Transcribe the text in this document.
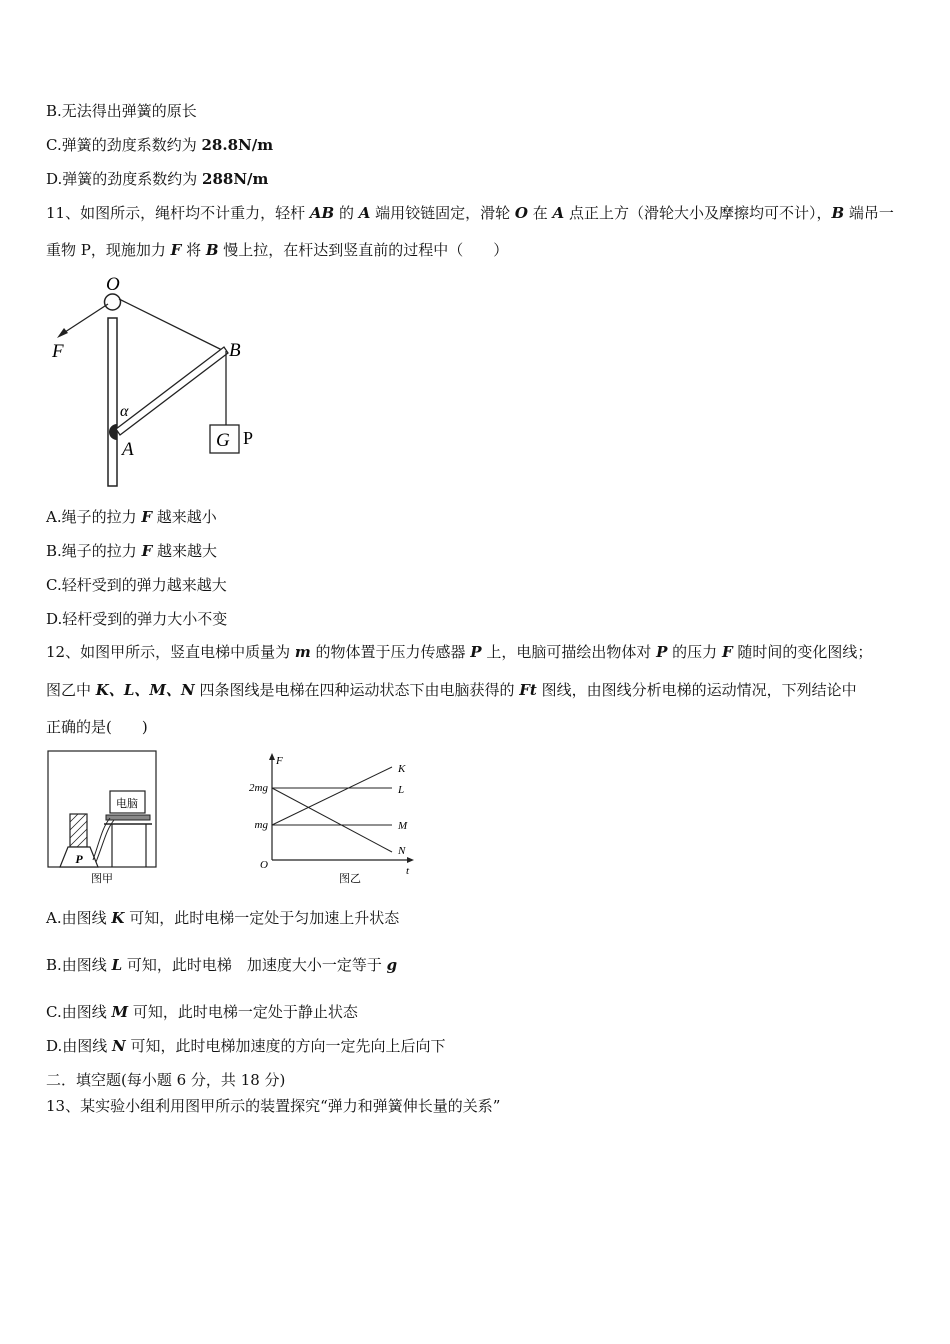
B.无法得出弹簧的原长
C.弹簧的劲度系数约为 28.8N/m
D.弹簧的劲度系数约为 288N/m
11、如图所示，绳杆均不计重力，轻杆 AB 的 A 端用铰链固定，滑轮 O 在 A 点正上方（滑轮大小及摩擦均可不计），B 端吊一
重物 P，现施加力 F 将 B 慢上拉，在杆达到竖直前的过程中（　　）
O
F	B
α
A	G P
A.绳子的拉力 F 越来越小
B.绳子的拉力 F 越来越大
C.轻杆受到的弹力越来越大
D.轻杆受到的弹力大小不变
12、如图甲所示，竖直电梯中质量为 m 的物体置于压力传感器 P 上，电脑可描绘出物体对 P 的压力 F 随时间的变化图线；
图乙中 K、L、M、N 四条图线是电梯在四种运动状态下由电脑获得的 Ft 图线，由图线分析电梯的运动情况，下列结论中
正确的是(　　)
电脑
P
图甲
F
t
O
2mg
mg
K
L
M
N
图乙
A.由图线 K 可知，此时电梯一定处于匀加速上升状态
B.由图线 L 可知，此时电梯　加速度大小一定等于 g
C.由图线 M 可知，此时电梯一定处于静止状态
D.由图线 N 可知，此时电梯加速度的方向一定先向上后向下
二．填空题(每小题 6 分，共 18 分)
13、某实验小组利用图甲所示的装置探究“弹力和弹簧伸长量的关系”
